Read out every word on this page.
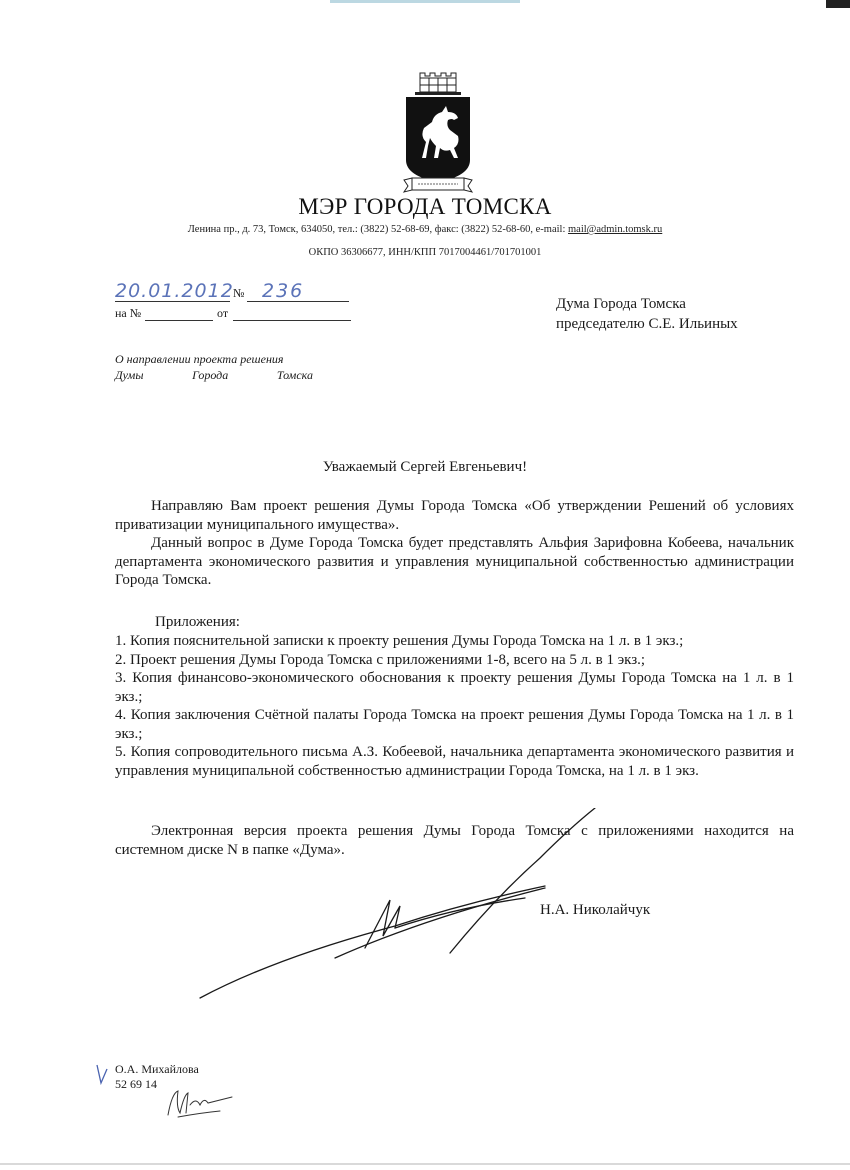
МЭР ГОРОДА ТОМСКА
Ленина пр., д. 73, Томск, 634050, тел.: (3822) 52-68-69, факс: (3822) 52-68-60, e-mail: mail@admin.tomsk.ru
ОКПО 36306677, ИНН/КПП 7017004461/701701001
20.01.2012 № 236
на №	от
Дума Города Томска
председателю С.Е. Ильиных
О направлении проекта решения
Думы	Города	Томска
Уважаемый Сергей Евгеньевич!

Направляю Вам проект решения Думы Города Томска «Об утверждении Решений об условиях приватизации муниципального имущества».

Данный вопрос в Думе Города Томска будет представлять Альфия Зарифовна Кобеева, начальник департамента экономического развития и управления муниципальной собственностью администрации Города Томска.

Приложения:

1. Копия пояснительной записки к проекту решения Думы Города Томска на 1 л. в 1 экз.;

2. Проект решения Думы Города Томска с приложениями 1-8, всего на 5 л. в 1 экз.;

3. Копия финансово-экономического обоснования к проекту решения Думы Города Томска на 1 л. в 1 экз.;

4. Копия заключения Счётной палаты Города Томска на проект решения Думы Города Томска на 1 л. в 1 экз.;

5. Копия сопроводительного письма А.З. Кобеевой, начальника департамента экономического развития и управления муниципальной собственностью администрации Города Томска, на 1 л. в 1 экз.

Электронная версия проекта решения Думы Города Томска с приложениями находится на системном диске N в папке «Дума».

Н.А. Николайчук
О.А. Михайлова
52 69 14
